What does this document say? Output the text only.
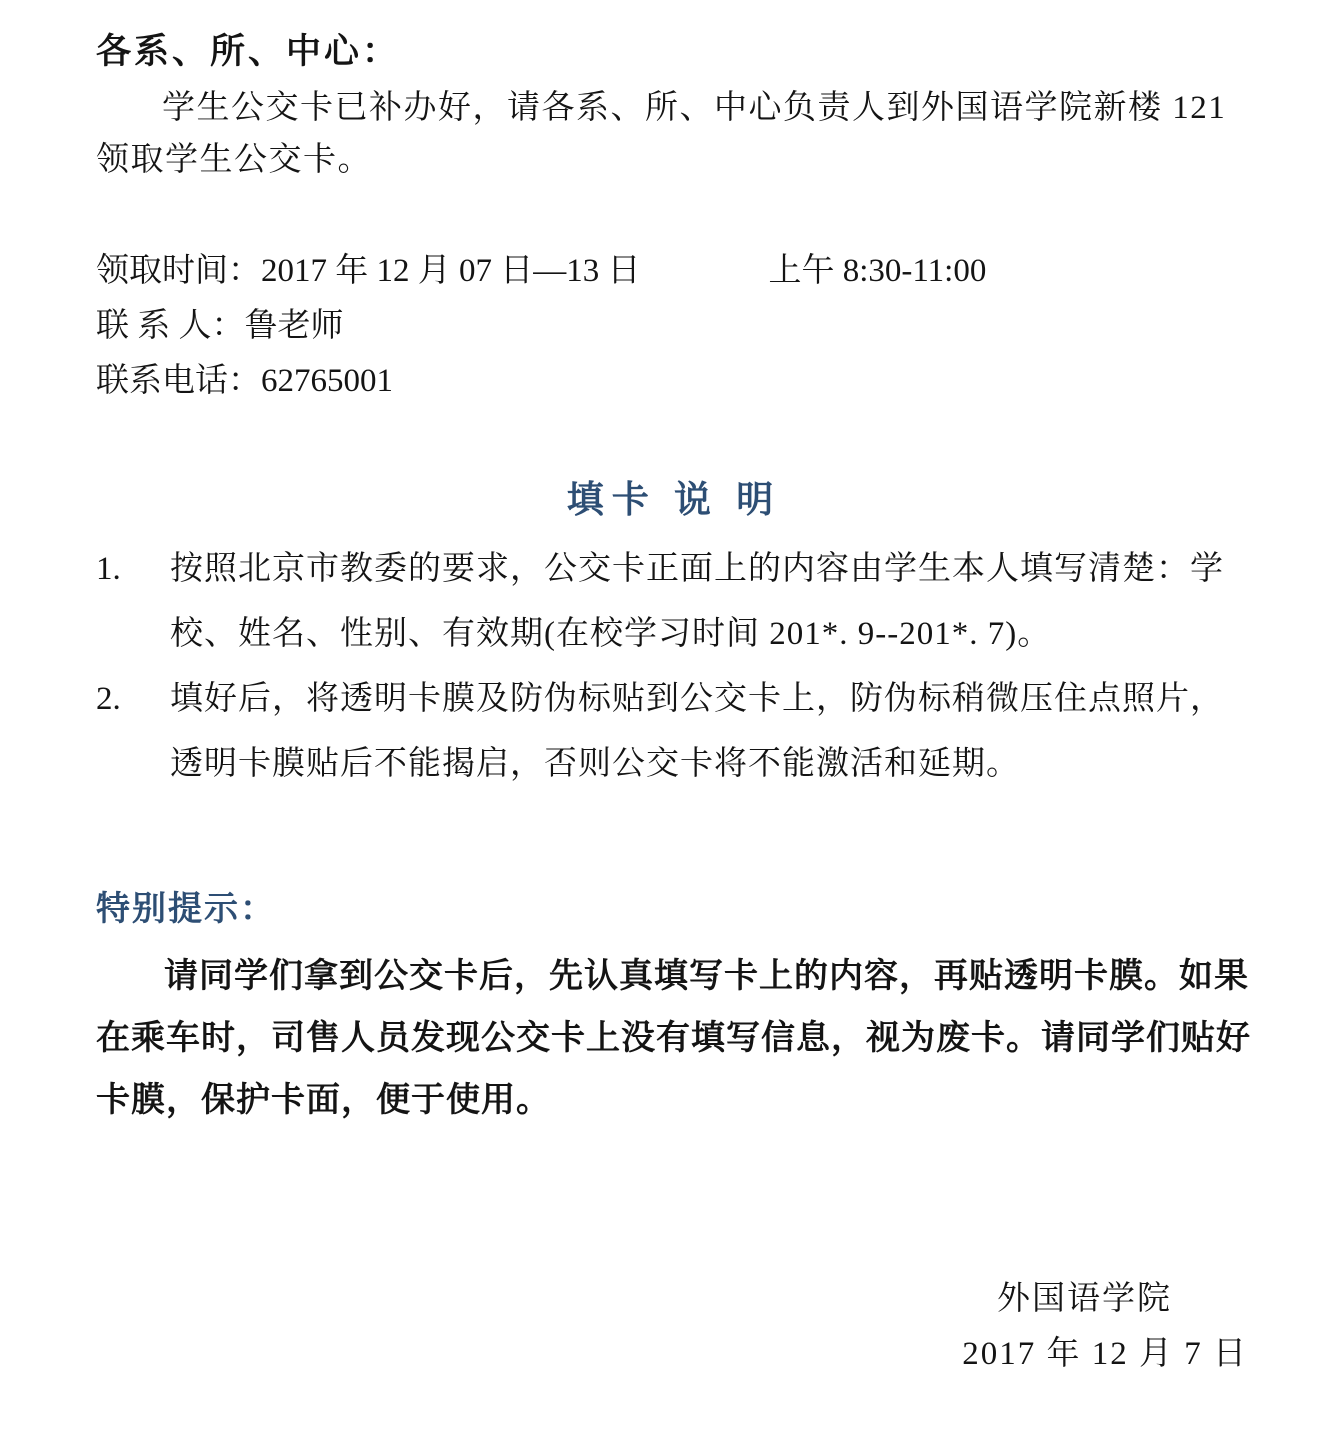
各系、所、中心：
学生公交卡已补办好，请各系、所、中心负责人到外国语学院新楼 121 领取学生公交卡。
领取时间： 2017 年 12 月 07 日—13 日	上午 8:30-11:00
联 系 人： 鲁老师
联系电话： 62765001
填卡 说 明
1.	按照北京市教委的要求，公交卡正面上的内容由学生本人填写清楚：学校、姓名、性别、有效期(在校学习时间 201*. 9--201*. 7)。
2.	填好后，将透明卡膜及防伪标贴到公交卡上，防伪标稍微压住点照片，透明卡膜贴后不能揭启，否则公交卡将不能激活和延期。
特别提示：
请同学们拿到公交卡后，先认真填写卡上的内容，再贴透明卡膜。如果在乘车时，司售人员发现公交卡上没有填写信息，视为废卡。请同学们贴好卡膜，保护卡面，便于使用。
外国语学院
2017 年 12 月 7 日
